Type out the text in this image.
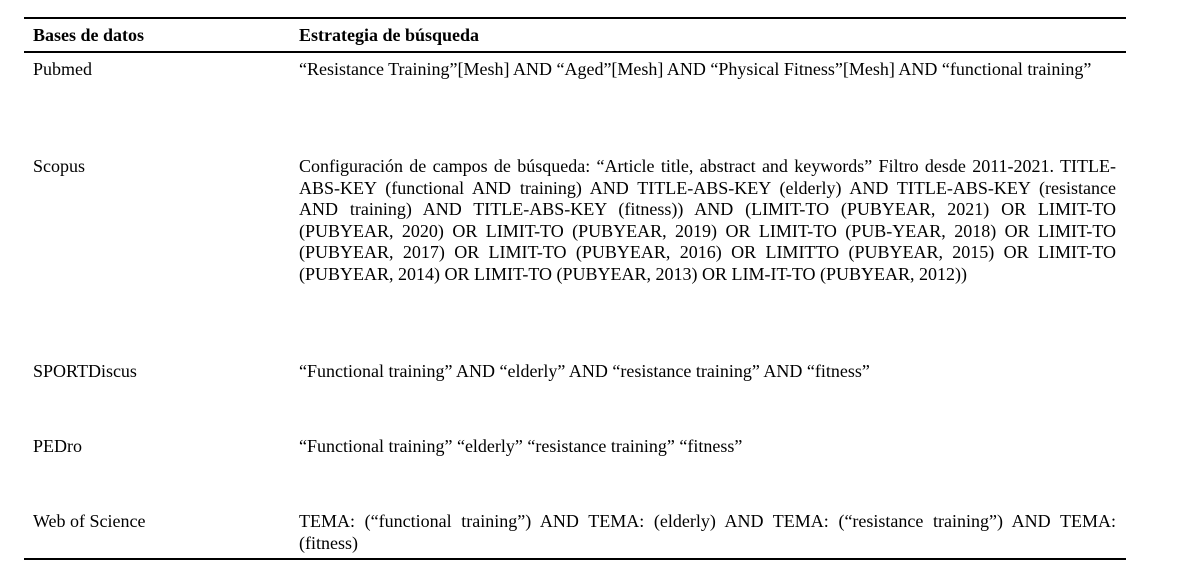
Bases de datos	Estrategia de búsqueda
Pubmed	“Resistance Training”[Mesh] AND “Aged”[Mesh] AND “Physical Fitness”[Mesh] AND “functional training”
Scopus	Configuración de campos de búsqueda: “Article title, abstract and keywords” Filtro desde 2011-2021. TITLE-ABS-KEY (functional AND training) AND TITLE-ABS-KEY (elderly) AND TITLE-ABS-KEY (resistance AND training) AND TITLE-ABS-KEY (fitness)) AND (LIMIT-TO (PUBYEAR, 2021) OR LIMIT-TO (PUBYEAR, 2020) OR LIMIT-TO (PUBYEAR, 2019) OR LIMIT-TO (PUB-YEAR, 2018) OR LIMIT-TO (PUBYEAR, 2017) OR LIMIT-TO (PUBYEAR, 2016) OR LIMITTO (PUBYEAR, 2015) OR LIMIT-TO (PUBYEAR, 2014) OR LIMIT-TO (PUBYEAR, 2013) OR LIM-IT-TO (PUBYEAR, 2012))
SPORTDiscus	“Functional training” AND “elderly” AND “resistance training” AND “fitness”
PEDro	“Functional training” “elderly” “resistance training” “fitness”
Web of Science	TEMA: (“functional training”) AND TEMA: (elderly) AND TEMA: (“resistance training”) AND TEMA: (fitness)
